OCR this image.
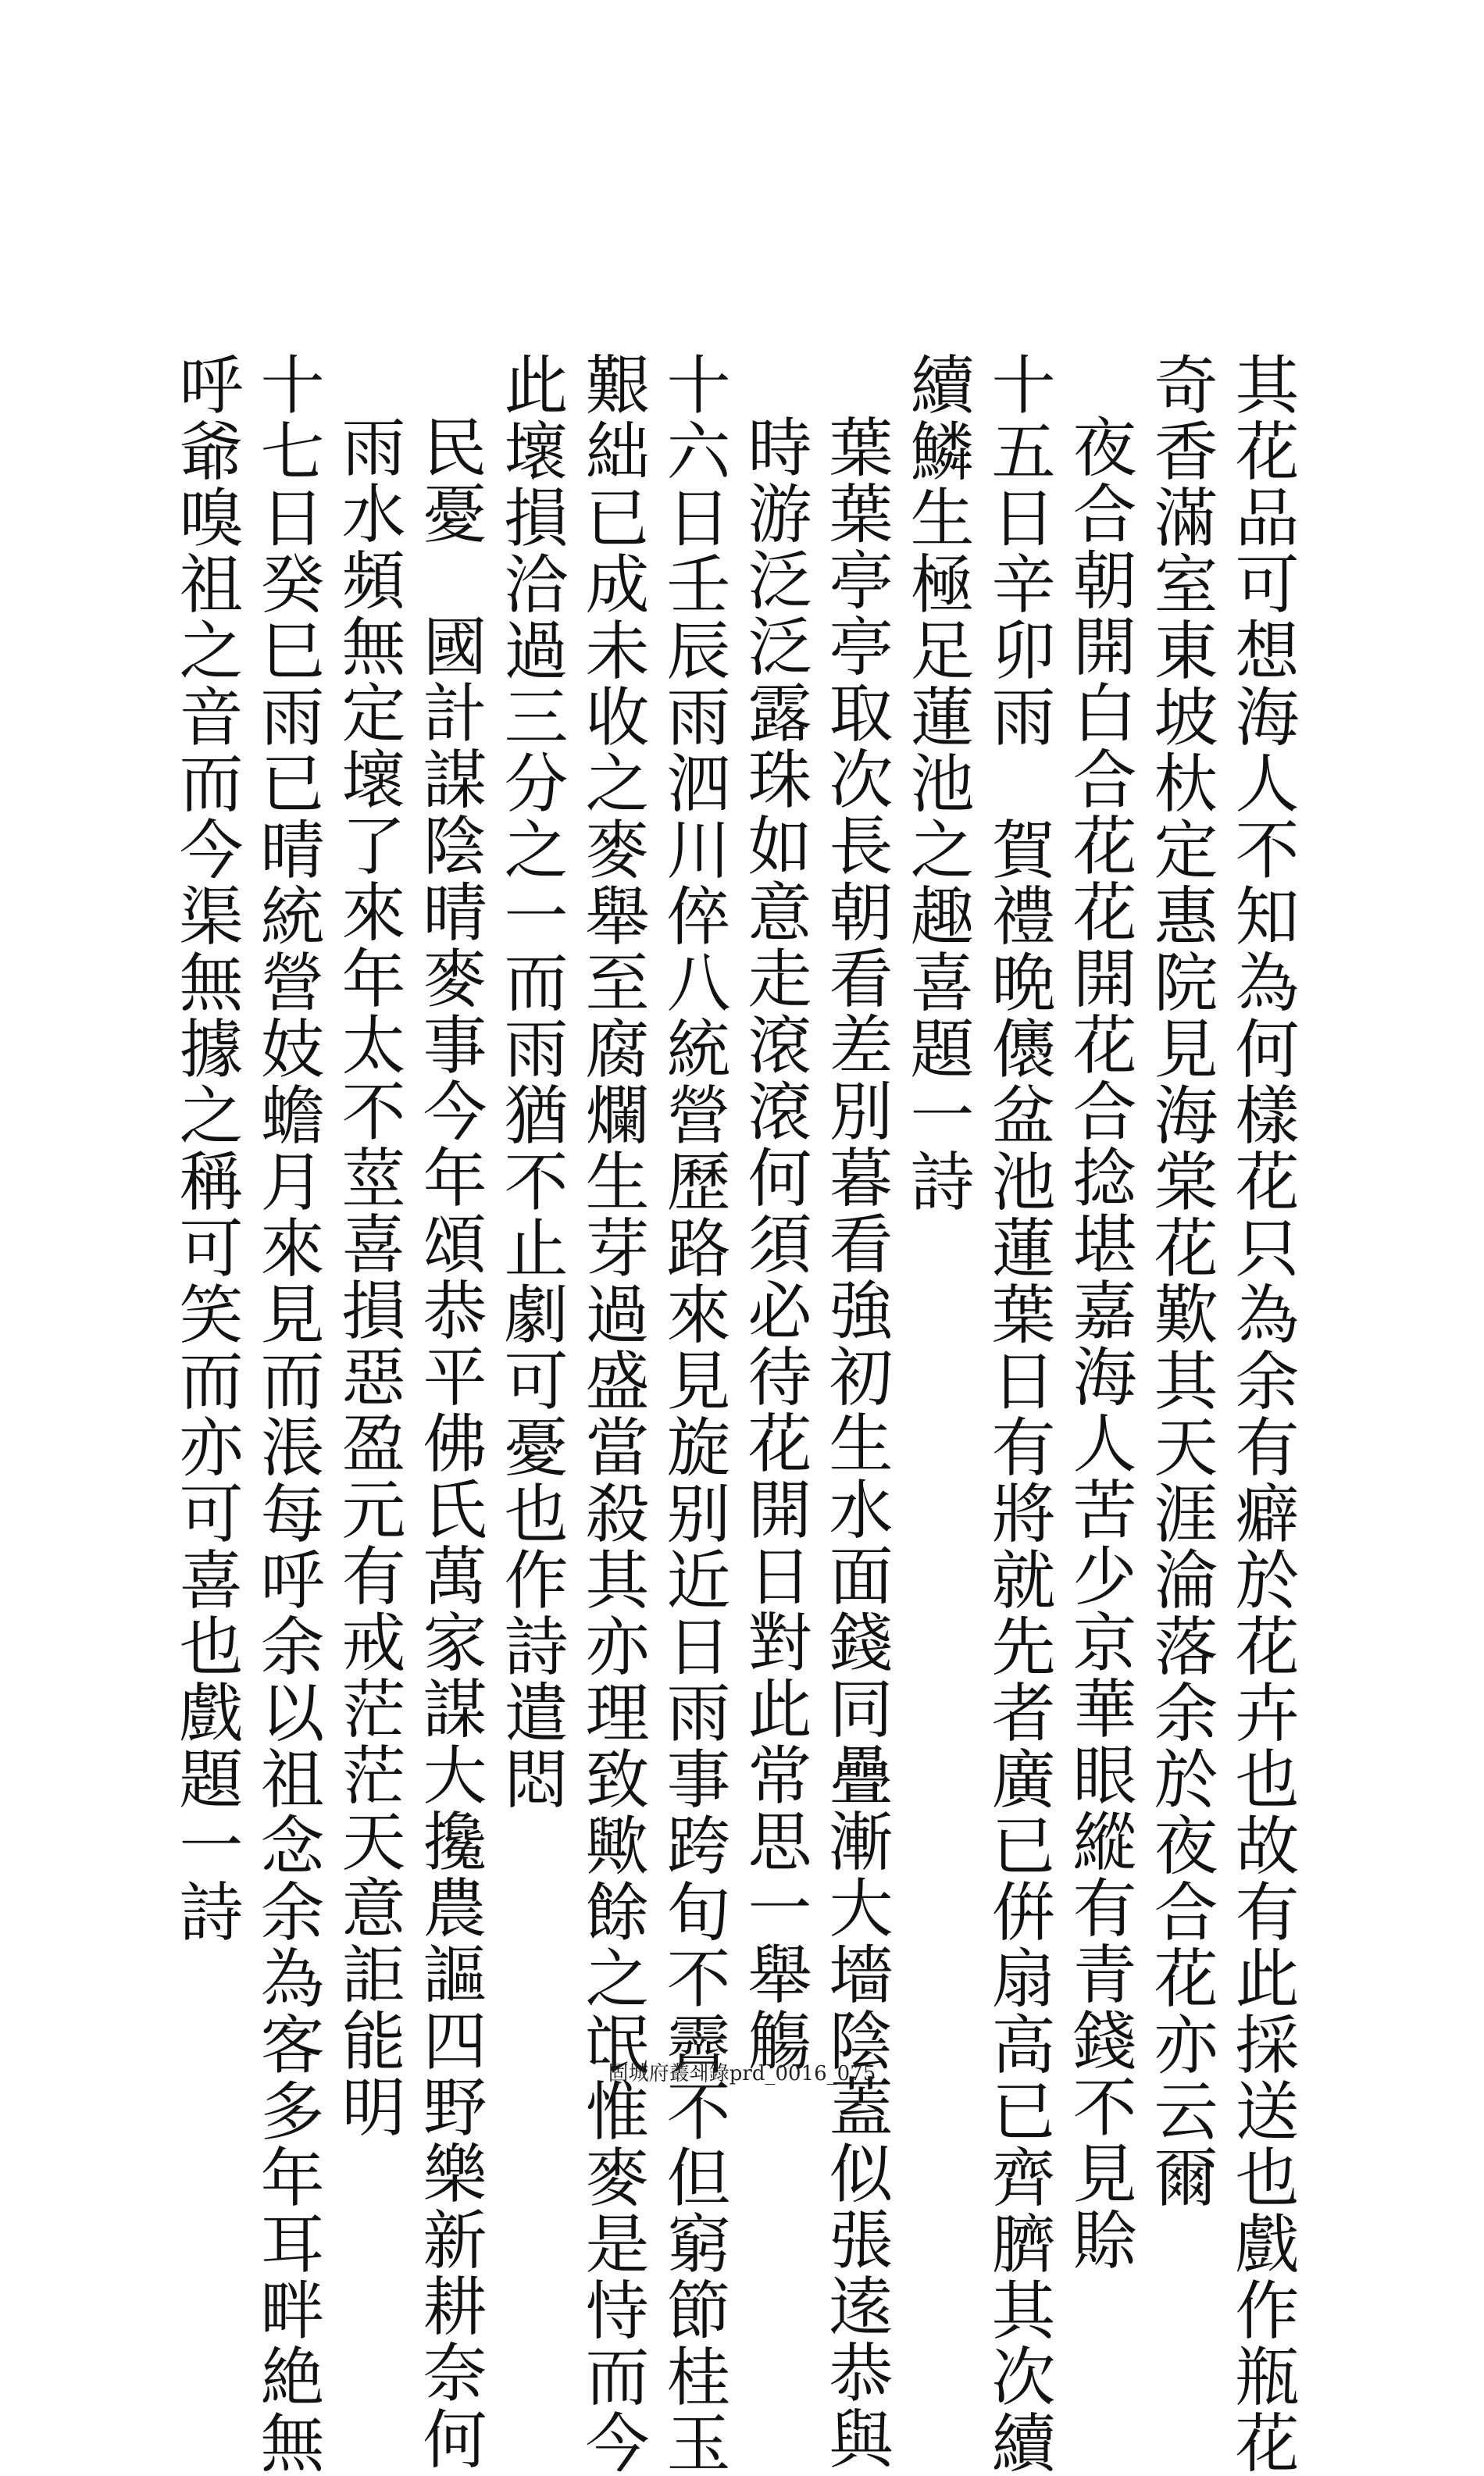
其花品可想海人不知為何樣花只為余有癖於花卉也故有此採送也戲作瓶花
奇香滿室東坡杕定惠院見海棠花歎其天涯淪落余於夜合花亦云爾
夜合朝開白合花花開花合捻堪嘉海人苦少京華眼縱有青錢不見賒
十五日辛卯雨　賀禮晩㒟盆池蓮葉日有將就先者廣已倂扇高已齊臍其次續
續鱗生極足蓮池之趣喜題一詩
葉葉亭亭取次長朝看差別暮看強初生水面錢同疊漸大墻陰蓋似張逺恭與
時游泛泛露珠如意走滾滾何須必待花開日對此常思一舉觴
十六日壬辰雨泗川倅八統營歷路來見旋别近日雨事跨旬不霽不但窮節桂玉
艱絀已成未收之麥舉至腐爛生芽過盛當殺其亦理致歟餘之氓惟麥是恃而今
此壞損洽過三分之一而雨猶不止劇可憂也作詩遣悶
民憂　國計謀陰晴麥事今年頌恭平佛氏萬家謀大攙農謳四野樂新耕奈何
雨水頻無定壞了來年太不莖喜損惡盈元有戒茫茫天意詎能明
十七日癸巳雨已晴統營妓蟾月來見而涱每呼余以祖念余為客多年耳畔絶無
呼爺嗅祖之音而今渠無據之稱可笑而亦可喜也戲題一詩
固城府叢쇄錄prd_0016_075
